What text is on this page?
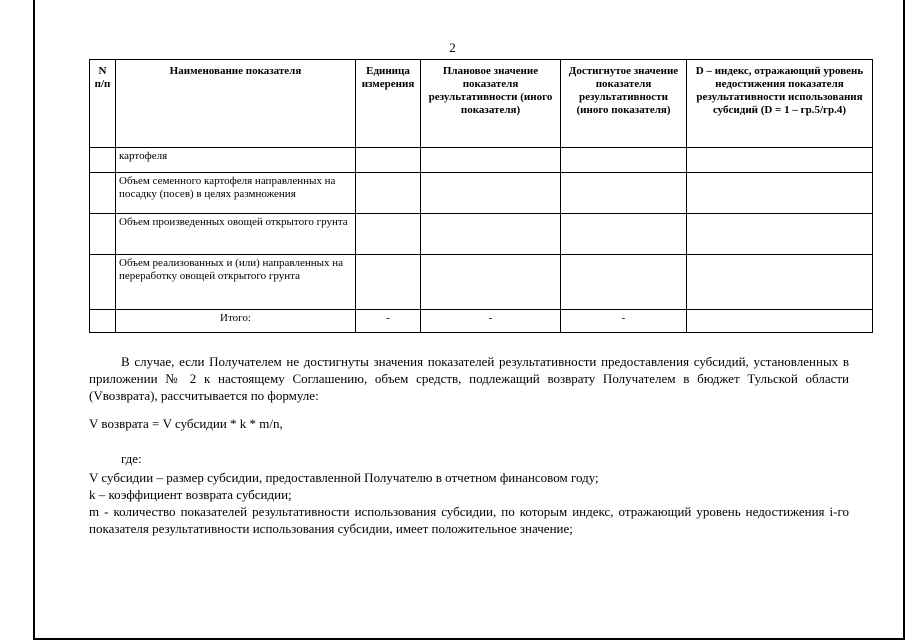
2
N п/п	Наименование показателя	Единица измерения	Плановое значение показателя результативности (иного показателя)	Достигнутое значение показателя результативности (иного показателя)	D – индекс, отражающий уровень недостижения показателя результативности использования субсидий (D = 1 – гр.5/гр.4)
	картофеля				
	Объем семенного картофеля направленных на посадку (посев) в целях размножения				
	Объем произведенных овощей открытого грунта				
	Объем реализованных и (или) направленных на переработку овощей открытого грунта				
	Итого:	-	-	-	
В случае, если Получателем не достигнуты значения показателей результативности предоставления субсидий, установленных в приложении № 2 к настоящему Соглашению, объем средств, подлежащий возврату Получателем в бюджет Тульской области (Vвозврата), рассчитывается по формуле:
V возврата = V субсидии * k * m/n,
где:
V субсидии – размер субсидии, предоставленной Получателю в отчетном финансовом году;
k – коэффициент возврата субсидии;
m - количество показателей результативности использования субсидии, по которым индекс, отражающий уровень недостижения i-го показателя результативности использования субсидии, имеет положительное значение;
